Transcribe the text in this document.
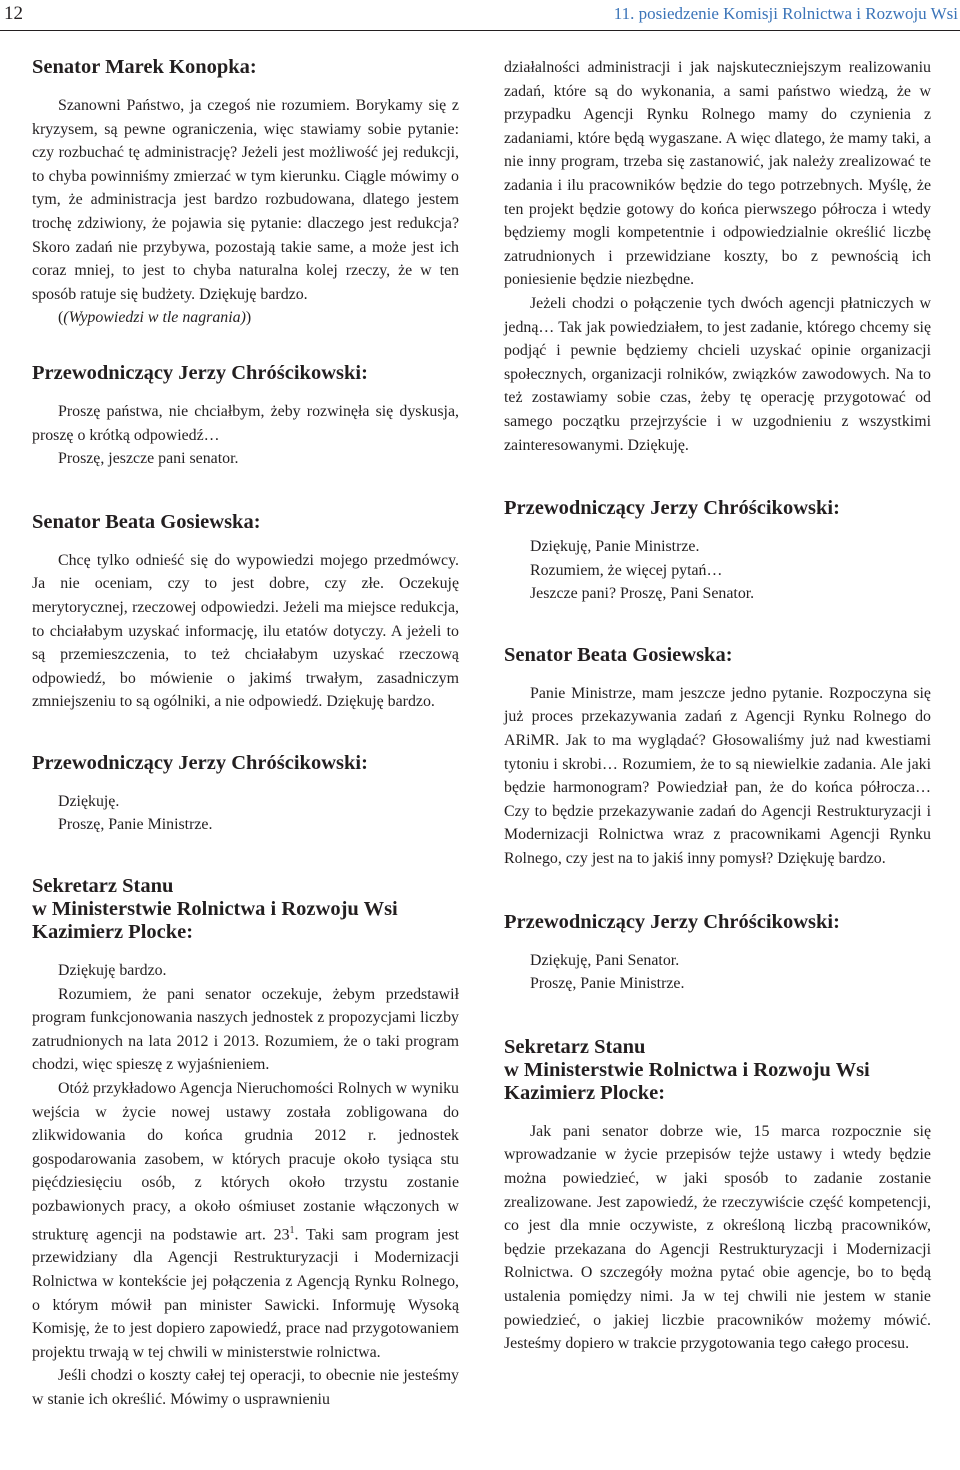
12	11. posiedzenie Komisji Rolnictwa i Rozwoju Wsi
Senator Marek Konopka:

Szanowni Państwo, ja czegoś nie rozumiem. Borykamy się z kryzysem, są pewne ograniczenia, więc stawiamy sobie pytanie: czy rozbuchać tę administrację? Jeżeli jest możliwość jej redukcji, to chyba powinniśmy zmierzać w tym kierunku. Ciągle mówimy o tym, że administracja jest bardzo rozbudowana, dlatego jestem trochę zdziwiony, że pojawia się pytanie: dlaczego jest redukcja? Skoro zadań nie przybywa, pozostają takie same, a może jest ich coraz mniej, to jest to chyba naturalna kolej rzeczy, że w ten sposób ratuje się budżety. Dziękuję bardzo.

((Wypowiedzi w tle nagrania))

Przewodniczący Jerzy Chróścikowski:

Proszę państwa, nie chciałbym, żeby rozwinęła się dyskusja, proszę o krótką odpowiedź…

Proszę, jeszcze pani senator.

Senator Beata Gosiewska:

Chcę tylko odnieść się do wypowiedzi mojego przedmówcy. Ja nie oceniam, czy to jest dobre, czy złe. Oczekuję merytorycznej, rzeczowej odpowiedzi. Jeżeli ma miejsce redukcja, to chciałabym uzyskać informację, ilu etatów dotyczy. A jeżeli to są przemieszczenia, to też chciałabym uzyskać rzeczową odpowiedź, bo mówienie o jakimś trwałym, zasadniczym zmniejszeniu to są ogólniki, a nie odpowiedź. Dziękuję bardzo.

Przewodniczący Jerzy Chróścikowski:

Dziękuję.

Proszę, Panie Ministrze.

Sekretarz Stanu
w Ministerstwie Rolnictwa i Rozwoju Wsi
Kazimierz Plocke:

Dziękuję bardzo.

Rozumiem, że pani senator oczekuje, żebym przedstawił program funkcjonowania naszych jednostek z propozycjami liczby zatrudnionych na lata 2012 i 2013. Rozumiem, że o taki program chodzi, więc spieszę z wyjaśnieniem.

Otóż przykładowo Agencja Nieruchomości Rolnych w wyniku wejścia w życie nowej ustawy została zobligowana do zlikwidowania do końca grudnia 2012 r. jednostek gospodarowania zasobem, w których pracuje około tysiąca stu pięćdziesięciu osób, z których około trzystu zostanie pozbawionych pracy, a około ośmiuset zostanie włączonych w strukturę agencji na podstawie art. $23^1$. Taki sam program jest przewidziany dla Agencji Restrukturyzacji i Modernizacji Rolnictwa w kontekście jej połączenia z Agencją Rynku Rolnego, o którym mówił pan minister Sawicki. Informuję Wysoką Komisję, że to jest dopiero zapowiedź, prace nad przygotowaniem projektu trwają w tej chwili w ministerstwie rolnictwa.

Jeśli chodzi o koszty całej tej operacji, to obecnie nie jesteśmy w stanie ich określić. Mówimy o usprawnieniu

działalności administracji i jak najskuteczniejszym realizowaniu zadań, które są do wykonania, a sami państwo wiedzą, że w przypadku Agencji Rynku Rolnego mamy do czynienia z zadaniami, które będą wygaszane. A więc dlatego, że mamy taki, a nie inny program, trzeba się zastanowić, jak należy zrealizować te zadania i ilu pracowników będzie do tego potrzebnych. Myślę, że ten projekt będzie gotowy do końca pierwszego półrocza i wtedy będziemy mogli kompetentnie i odpowiedzialnie określić liczbę zatrudnionych i przewidziane koszty, bo z pewnością ich poniesienie będzie niezbędne.

Jeżeli chodzi o połączenie tych dwóch agencji płatniczych w jedną… Tak jak powiedziałem, to jest zadanie, którego chcemy się podjąć i pewnie będziemy chcieli uzyskać opinie organizacji społecznych, organizacji rolników, związków zawodowych. Na to też zostawiamy sobie czas, żeby tę operację przygotować od samego początku przejrzyście i w uzgodnieniu z wszystkimi zainteresowanymi. Dziękuję.

Przewodniczący Jerzy Chróścikowski:

Dziękuję, Panie Ministrze.

Rozumiem, że więcej pytań…

Jeszcze pani? Proszę, Pani Senator.

Senator Beata Gosiewska:

Panie Ministrze, mam jeszcze jedno pytanie. Rozpoczyna się już proces przekazywania zadań z Agencji Rynku Rolnego do ARiMR. Jak to ma wyglądać? Głosowaliśmy już nad kwestiami tytoniu i skrobi… Rozumiem, że to są niewielkie zadania. Ale jaki będzie harmonogram? Powiedział pan, że do końca półrocza… Czy to będzie przekazywanie zadań do Agencji Restrukturyzacji i Modernizacji Rolnictwa wraz z pracownikami Agencji Rynku Rolnego, czy jest na to jakiś inny pomysł? Dziękuję bardzo.

Przewodniczący Jerzy Chróścikowski:

Dziękuję, Pani Senator.

Proszę, Panie Ministrze.

Sekretarz Stanu
w Ministerstwie Rolnictwa i Rozwoju Wsi
Kazimierz Plocke:

Jak pani senator dobrze wie, 15 marca rozpocznie się wprowadzanie w życie przepisów tejże ustawy i wtedy będzie można powiedzieć, w jaki sposób to zadanie zostanie zrealizowane. Jest zapowiedź, że rzeczywiście część kompetencji, co jest dla mnie oczywiste, z określoną liczbą pracowników, będzie przekazana do Agencji Restrukturyzacji i Modernizacji Rolnictwa. O szczegóły można pytać obie agencje, bo to będą ustalenia pomiędzy nimi. Ja w tej chwili nie jestem w stanie powiedzieć, o jakiej liczbie pracowników możemy mówić. Jesteśmy dopiero w trakcie przygotowania tego całego procesu.
